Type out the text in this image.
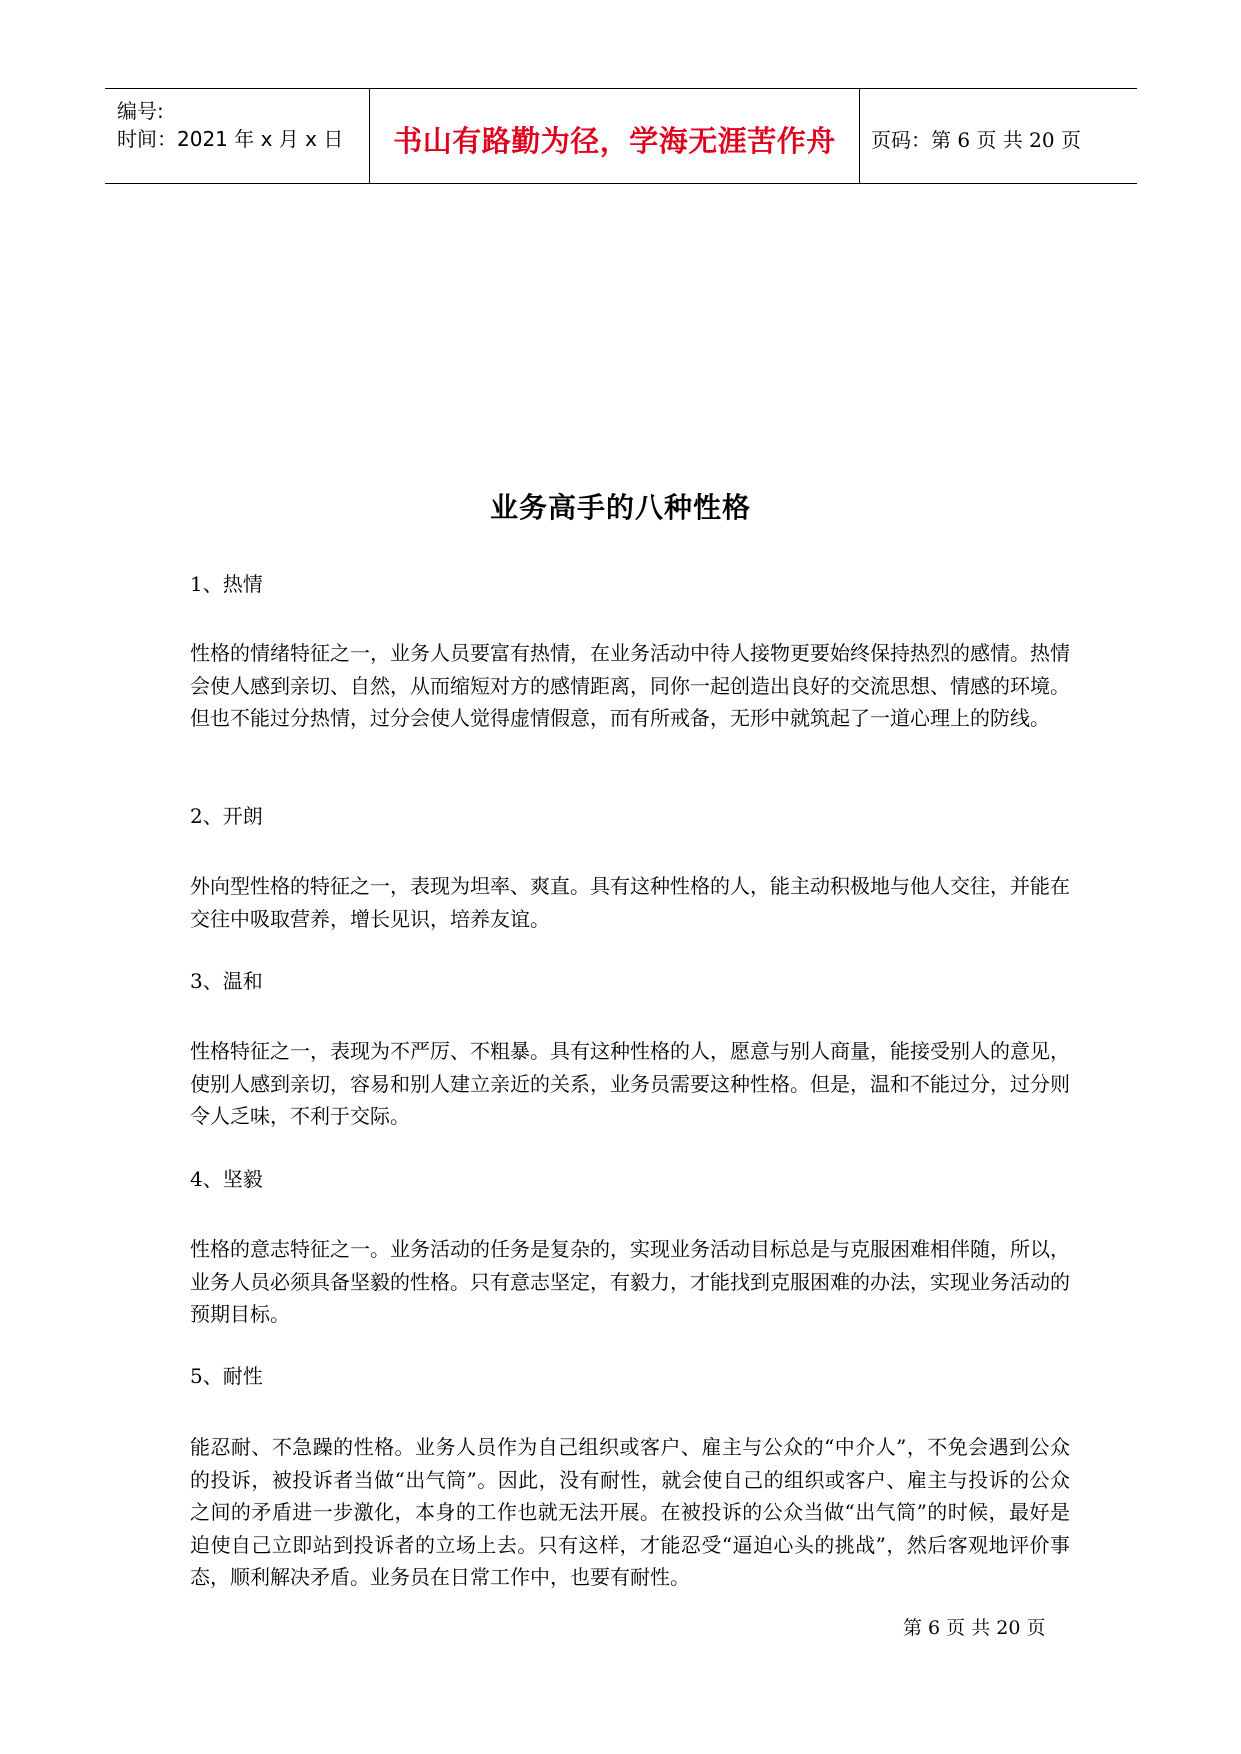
编号:
时间：2021 年 x 月 x 日	书山有路勤为径，学海无涯苦作舟	页码：第 6 页 共 20 页
业务高手的八种性格
1、热情
性格的情绪特征之一，业务人员要富有热情，在业务活动中待人接物更要始终保持热烈的感情。热情会使人感到亲切、自然，从而缩短对方的感情距离，同你一起创造出良好的交流思想、情感的环境。但也不能过分热情，过分会使人觉得虚情假意，而有所戒备，无形中就筑起了一道心理上的防线。
2、开朗
外向型性格的特征之一，表现为坦率、爽直。具有这种性格的人，能主动积极地与他人交往，并能在交往中吸取营养，增长见识，培养友谊。
3、温和
性格特征之一，表现为不严厉、不粗暴。具有这种性格的人，愿意与别人商量，能接受别人的意见，使别人感到亲切，容易和别人建立亲近的关系，业务员需要这种性格。但是，温和不能过分，过分则令人乏味，不利于交际。
4、坚毅
性格的意志特征之一。业务活动的任务是复杂的，实现业务活动目标总是与克服困难相伴随，所以，业务人员必须具备坚毅的性格。只有意志坚定，有毅力，才能找到克服困难的办法，实现业务活动的预期目标。
5、耐性
能忍耐、不急躁的性格。业务人员作为自己组织或客户、雇主与公众的“中介人”，不免会遇到公众的投诉，被投诉者当做“出气筒”。因此，没有耐性，就会使自己的组织或客户、雇主与投诉的公众之间的矛盾进一步激化，本身的工作也就无法开展。在被投诉的公众当做“出气筒”的时候，最好是迫使自己立即站到投诉者的立场上去。只有这样，才能忍受“逼迫心头的挑战”，然后客观地评价事态，顺利解决矛盾。业务员在日常工作中，也要有耐性。
第 6 页 共 20 页
